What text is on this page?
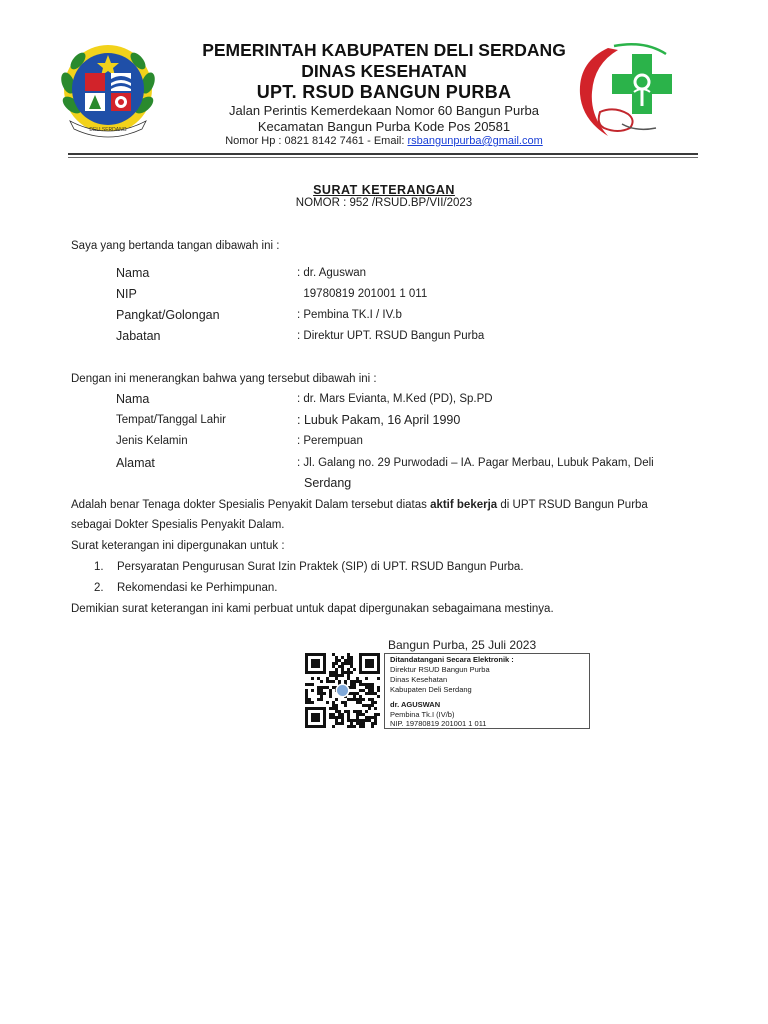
DELI SERDANG
PEMERINTAH KABUPATEN DELI SERDANG
DINAS KESEHATAN
UPT. RSUD BANGUN PURBA
Jalan Perintis Kemerdekaan Nomor 60 Bangun Purba
Kecamatan Bangun Purba Kode Pos 20581
Nomor Hp : 0821 8142 7461 - Email: rsbangunpurba@gmail.com
SURAT KETERANGAN
NOMOR : 952 /RSUD.BP/VII/2023
Saya yang bertanda tangan dibawah ini :
Nama	: dr. Aguswan
NIP	19780819 201001 1 011
Pangkat/Golongan	: Pembina TK.I / IV.b
Jabatan	: Direktur UPT. RSUD Bangun Purba
Dengan ini menerangkan bahwa yang tersebut dibawah ini :
Nama	: dr. Mars Evianta, M.Ked (PD), Sp.PD
Tempat/Tanggal Lahir	: Lubuk Pakam, 16 April 1990
Jenis Kelamin	: Perempuan
Alamat	: Jl. Galang no. 29 Purwodadi – IA. Pagar Merbau, Lubuk Pakam, Deli
Serdang
Adalah benar Tenaga dokter Spesialis Penyakit Dalam tersebut diatas aktif bekerja di UPT RSUD Bangun Purba
sebagai Dokter Spesialis Penyakit Dalam.
Surat keterangan ini dipergunakan untuk :
1. Persyaratan Pengurusan Surat Izin Praktek (SIP) di UPT. RSUD Bangun Purba.
2. Rekomendasi ke Perhimpunan.
Demikian surat keterangan ini kami perbuat untuk dapat dipergunakan sebagaimana mestinya.
Bangun Purba, 25 Juli 2023
Ditandatangani Secara Elektronik :
Direktur RSUD Bangun Purba
Dinas Kesehatan
Kabupaten Deli Serdang
dr. AGUSWAN
Pembina Tk.I (IV/b)
NIP. 19780819 201001 1 011
